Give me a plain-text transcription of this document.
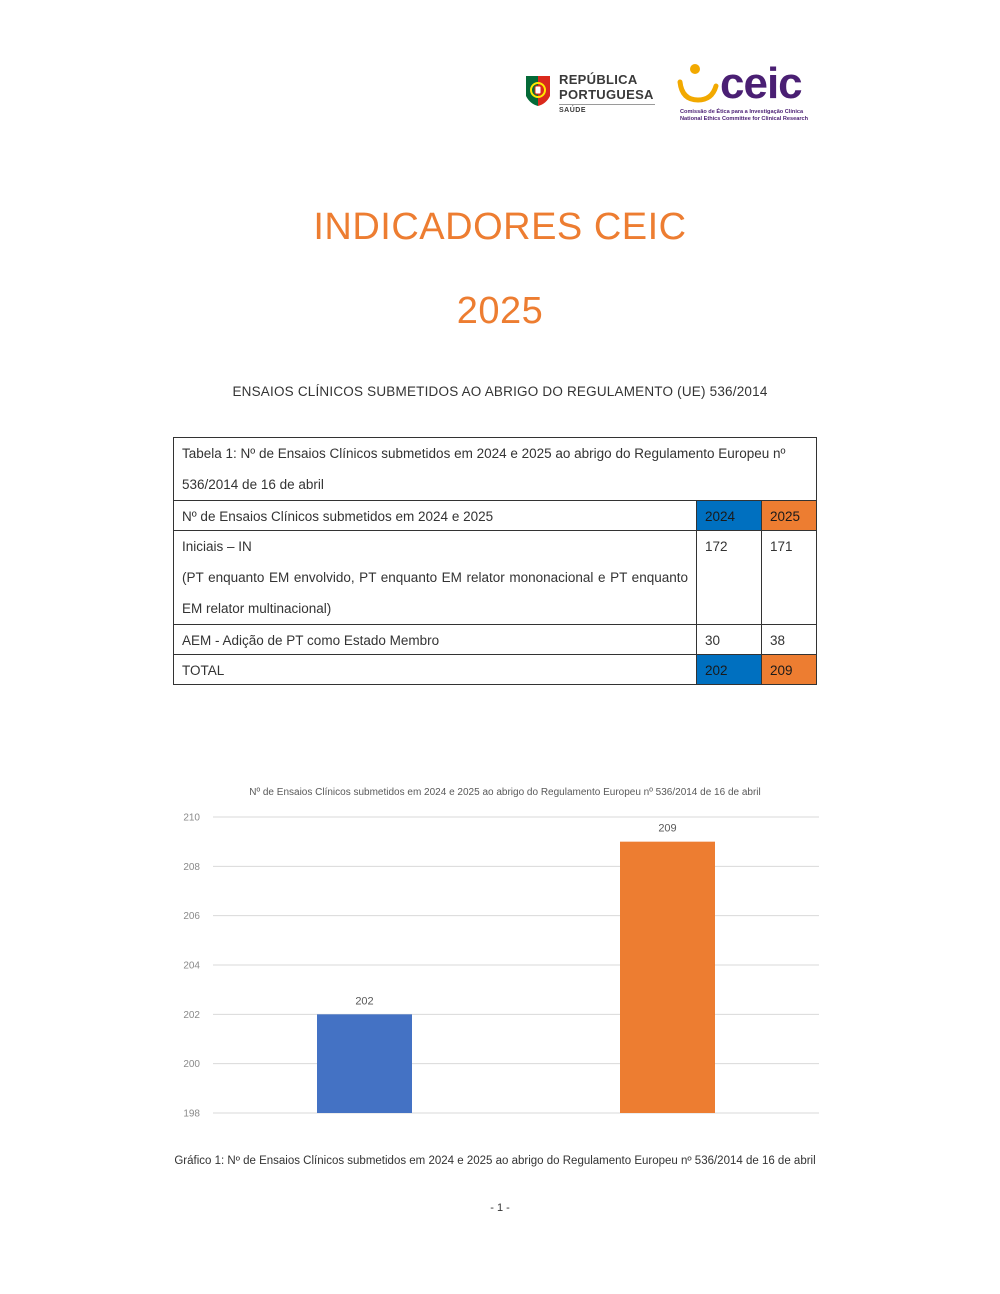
REPÚBLICA
PORTUGUESA
SAÚDE
ceic
Comissão de Ética para a Investigação Clínica
National Ethics Committee for Clinical Research
INDICADORES CEIC
2025
ENSAIOS CLÍNICOS SUBMETIDOS AO ABRIGO DO REGULAMENTO (UE) 536/2014
Tabela 1: Nº de Ensaios Clínicos submetidos em 2024 e 2025 ao abrigo do Regulamento Europeu nº 536/2014 de 16 de abril		
Nº de Ensaios Clínicos submetidos em 2024 e 2025	2024	2025

Iniciais – IN

(PT enquanto EM envolvido, PT enquanto EM relator mononacional e PT enquanto EM relator multinacional)	172	171
AEM - Adição de PT como Estado Membro	30	38
TOTAL	202	209
Nº de Ensaios Clínicos submetidos em 2024 e 2025 ao abrigo do Regulamento Europeu nº 536/2014 de 16 de abril
198
200
202
204
206
208
210
202
209
Gráfico 1: Nº de Ensaios Clínicos submetidos em 2024 e 2025 ao abrigo do Regulamento Europeu nº 536/2014 de 16 de abril
- 1 -
